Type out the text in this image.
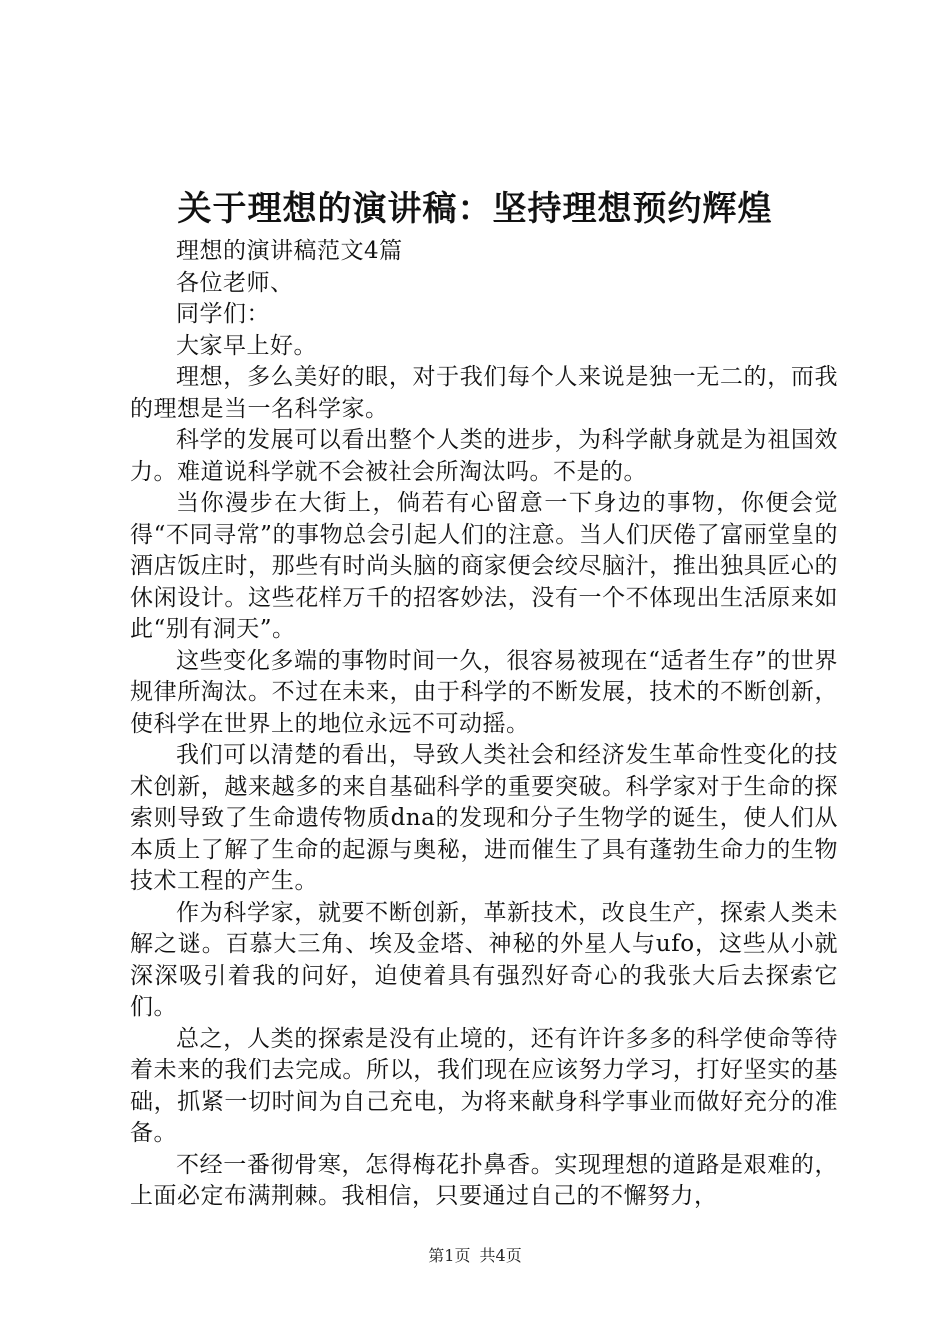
关于理想的演讲稿：坚持理想预约辉煌

理想的演讲稿范文4篇

各位老师、

同学们：

大家早上好。

理想，多么美好的眼，对于我们每个人来说是独一无二的，而我的理想是当一名科学家。

科学的发展可以看出整个人类的进步，为科学献身就是为祖国效力。难道说科学就不会被社会所淘汰吗。不是的。

当你漫步在大街上，倘若有心留意一下身边的事物，你便会觉得“不同寻常”的事物总会引起人们的注意。当人们厌倦了富丽堂皇的酒店饭庄时，那些有时尚头脑的商家便会绞尽脑汁，推出独具匠心的休闲设计。这些花样万千的招客妙法，没有一个不体现出生活原来如此“别有洞天”。

这些变化多端的事物时间一久，很容易被现在“适者生存”的世界规律所淘汰。不过在未来，由于科学的不断发展，技术的不断创新，使科学在世界上的地位永远不可动摇。

我们可以清楚的看出，导致人类社会和经济发生革命性变化的技术创新，越来越多的来自基础科学的重要突破。科学家对于生命的探索则导致了生命遗传物质dna的发现和分子生物学的诞生，使人们从本质上了解了生命的起源与奥秘，进而催生了具有蓬勃生命力的生物技术工程的产生。

作为科学家，就要不断创新，革新技术，改良生产，探索人类未解之谜。百慕大三角、埃及金塔、神秘的外星人与ufo，这些从小就深深吸引着我的问好，迫使着具有强烈好奇心的我张大后去探索它们。

总之，人类的探索是没有止境的，还有许许多多的科学使命等待着未来的我们去完成。所以，我们现在应该努力学习，打好坚实的基础，抓紧一切时间为自己充电，为将来献身科学事业而做好充分的准备。

不经一番彻骨寒，怎得梅花扑鼻香。实现理想的道路是艰难的，上面必定布满荆棘。我相信，只要通过自己的不懈努力，

第1页 共4页
